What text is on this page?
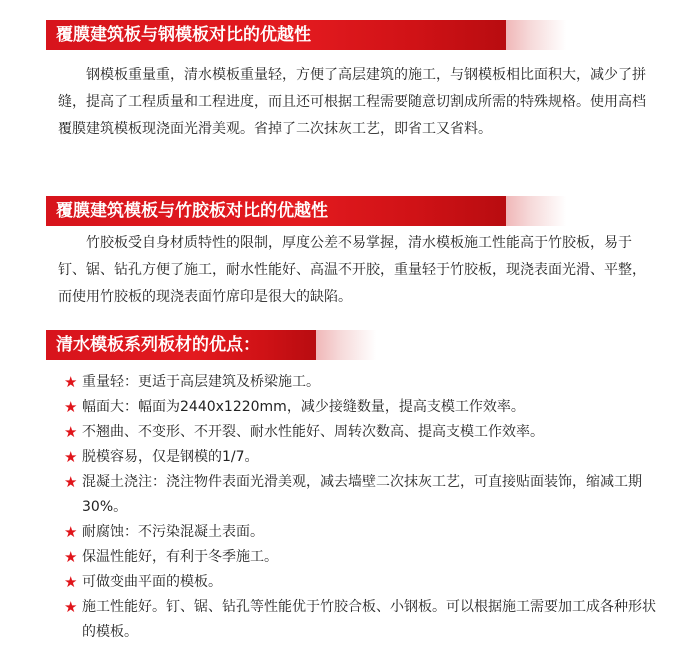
覆膜建筑板与钢模板对比的优越性

钢模板重量重，清水模板重量轻，方便了高层建筑的施工，与钢模板相比面积大，减少了拼缝，提高了工程质量和工程进度，而且还可根据工程需要随意切割成所需的特殊规格。使用高档覆膜建筑模板现浇面光滑美观。省掉了二次抹灰工艺，即省工又省料。

覆膜建筑模板与竹胶板对比的优越性

竹胶板受自身材质特性的限制，厚度公差不易掌握，清水模板施工性能高于竹胶板，易于钉、锯、钻孔方便了施工，耐水性能好、高温不开胶，重量轻于竹胶板，现浇表面光滑、平整，而使用竹胶板的现浇表面竹席印是很大的缺陷。

清水模板系列板材的优点：
★ 重量轻：更适于高层建筑及桥梁施工。
★ 幅面大：幅面为2440x1220mm，减少接缝数量，提高支模工作效率。
★ 不翘曲、不变形、不开裂、耐水性能好、周转次数高、提高支模工作效率。
★ 脱模容易，仅是钢模的1/7。
★ 混凝土浇注：浇注物件表面光滑美观，减去墙壁二次抹灰工艺，可直接贴面装饰，缩减工期30%。
★ 耐腐蚀：不污染混凝土表面。
★ 保温性能好，有利于冬季施工。
★ 可做变曲平面的模板。
★ 施工性能好。钉、锯、钻孔等性能优于竹胶合板、小钢板。可以根据施工需要加工成各种形状的模板。
